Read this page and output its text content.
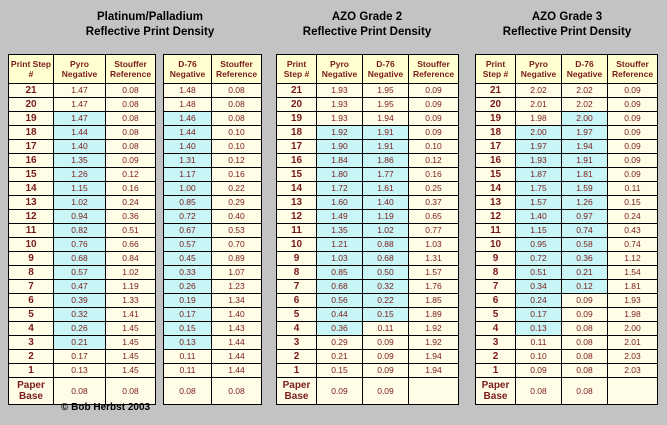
Platinum/Palladium
Reflective Print Density
AZO Grade 2
Reflective Print Density
AZO Grade 3
Reflective Print Density
Print Step #	Pyro Negative	Stouffer Reference
21	1.47	0.08
20	1.47	0.08
19	1.47	0.08
18	1.44	0.08
17	1.40	0.08
16	1.35	0.09
15	1.26	0.12
14	1.15	0.16
13	1.02	0.24
12	0.94	0.36
11	0.82	0.51
10	0.76	0.66
9	0.68	0.84
8	0.57	1.02
7	0.47	1.19
6	0.39	1.33
5	0.32	1.41
4	0.26	1.45
3	0.21	1.45
2	0.17	1.45
1	0.13	1.45
Paper Base	0.08	0.08
D-76 Negative	Stouffer Reference
1.48	0.08
1.48	0.08
1.46	0.08
1.44	0.10
1.40	0.10
1.31	0.12
1.17	0.16
1.00	0.22
0.85	0.29
0.72	0.40
0.67	0.53
0.57	0.70
0.45	0.89
0.33	1.07
0.26	1.23
0.19	1.34
0.17	1.40
0.15	1.43
0.13	1.44
0.11	1.44
0.11	1.44
0.08	0.08
Print Step #	Pyro Negative	D-76 Negative	Stouffer Reference
21	1.93	1.95	0.09
20	1.93	1.95	0.09
19	1.93	1.94	0.09
18	1.92	1.91	0.09
17	1.90	1.91	0.10
16	1.84	1.86	0.12
15	1.80	1.77	0.16
14	1.72	1.61	0.25
13	1.60	1.40	0.37
12	1.49	1.19	0.65
11	1.35	1.02	0.77
10	1.21	0.88	1.03
9	1.03	0.68	1.31
8	0.85	0.50	1.57
7	0.68	0.32	1.76
6	0.56	0.22	1.85
5	0.44	0.15	1.89
4	0.36	0.11	1.92
3	0.29	0.09	1.92
2	0.21	0.09	1.94
1	0.15	0.09	1.94
Paper Base	0.09	0.09	
Print Step #	Pyro Negative	D-76 Negative	Stouffer Reference
21	2.02	2.02	0.09
20	2.01	2.02	0.09
19	1.98	2.00	0.09
18	2.00	1.97	0.09
17	1.97	1.94	0.09
16	1.93	1.91	0.09
15	1.87	1.81	0.09
14	1.75	1.59	0.11
13	1.57	1.26	0.15
12	1.40	0.97	0.24
11	1.15	0.74	0.43
10	0.95	0.58	0.74
9	0.72	0.36	1.12
8	0.51	0.21	1.54
7	0.34	0.12	1.81
6	0.24	0.09	1.93
5	0.17	0.09	1.98
4	0.13	0.08	2.00
3	0.11	0.08	2.01
2	0.10	0.08	2.03
1	0.09	0.08	2.03
Paper Base	0.08	0.08	
© Bob Herbst 2003
